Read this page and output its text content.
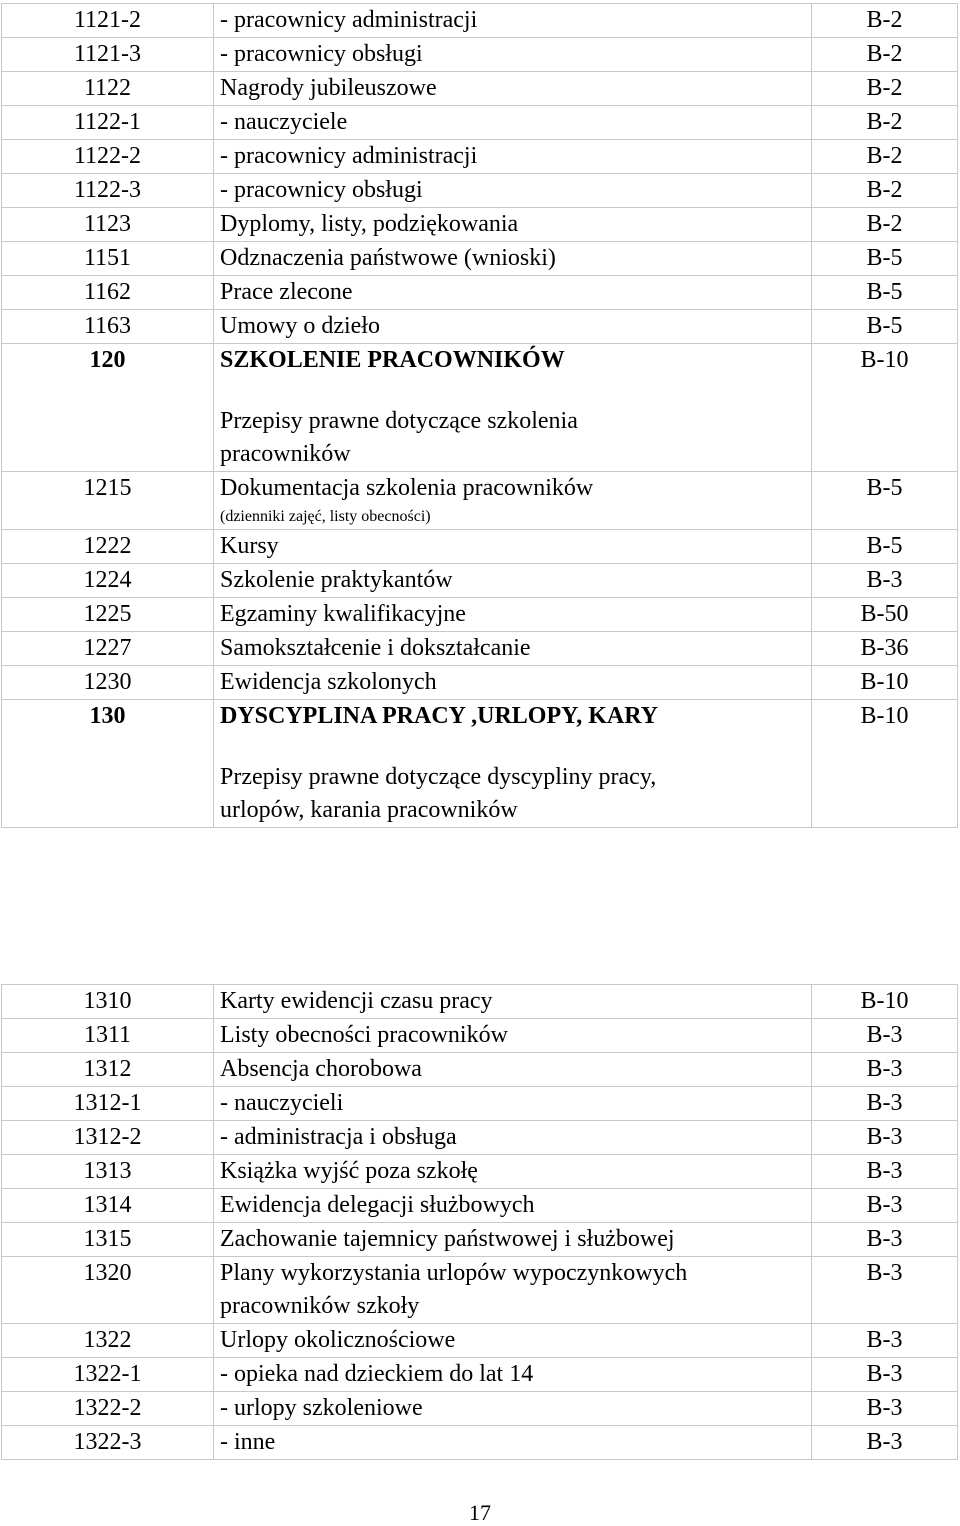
1121-2	- pracownicy administracji	B-2
1121-3	- pracownicy obsługi	B-2
1122	Nagrody jubileuszowe	B-2
1122-1	- nauczyciele	B-2
1122-2	- pracownicy administracji	B-2
1122-3	- pracownicy obsługi	B-2
1123	Dyplomy, listy, podziękowania	B-2
1151	Odznaczenia państwowe (wnioski)	B-5
1162	Prace zlecone	B-5
1163	Umowy o dzieło	B-5
120	SZKOLENIE PRACOWNIKÓW
Przepisy prawne dotyczące szkolenia
pracowników	B-10
1215	Dokumentacja szkolenia pracowników
(dzienniki zajęć, listy obecności)	B-5
1222	Kursy	B-5
1224	Szkolenie praktykantów	B-3
1225	Egzaminy kwalifikacyjne	B-50
1227	Samokształcenie i dokształcanie	B-36
1230	Ewidencja szkolonych	B-10
130	DYSCYPLINA PRACY ,URLOPY, KARY
Przepisy prawne dotyczące dyscypliny pracy,
urlopów, karania pracowników	B-10
1310	Karty ewidencji czasu pracy	B-10
1311	Listy obecności pracowników	B-3
1312	Absencja chorobowa	B-3
1312-1	- nauczycieli	B-3
1312-2	- administracja i obsługa	B-3
1313	Książka wyjść poza szkołę	B-3
1314	Ewidencja delegacji służbowych	B-3
1315	Zachowanie tajemnicy państwowej i służbowej	B-3
1320	Plany wykorzystania urlopów wypoczynkowych
pracowników szkoły	B-3
1322	Urlopy okolicznościowe	B-3
1322-1	- opieka nad dzieckiem do lat 14	B-3
1322-2	- urlopy szkoleniowe	B-3
1322-3	- inne	B-3
17
